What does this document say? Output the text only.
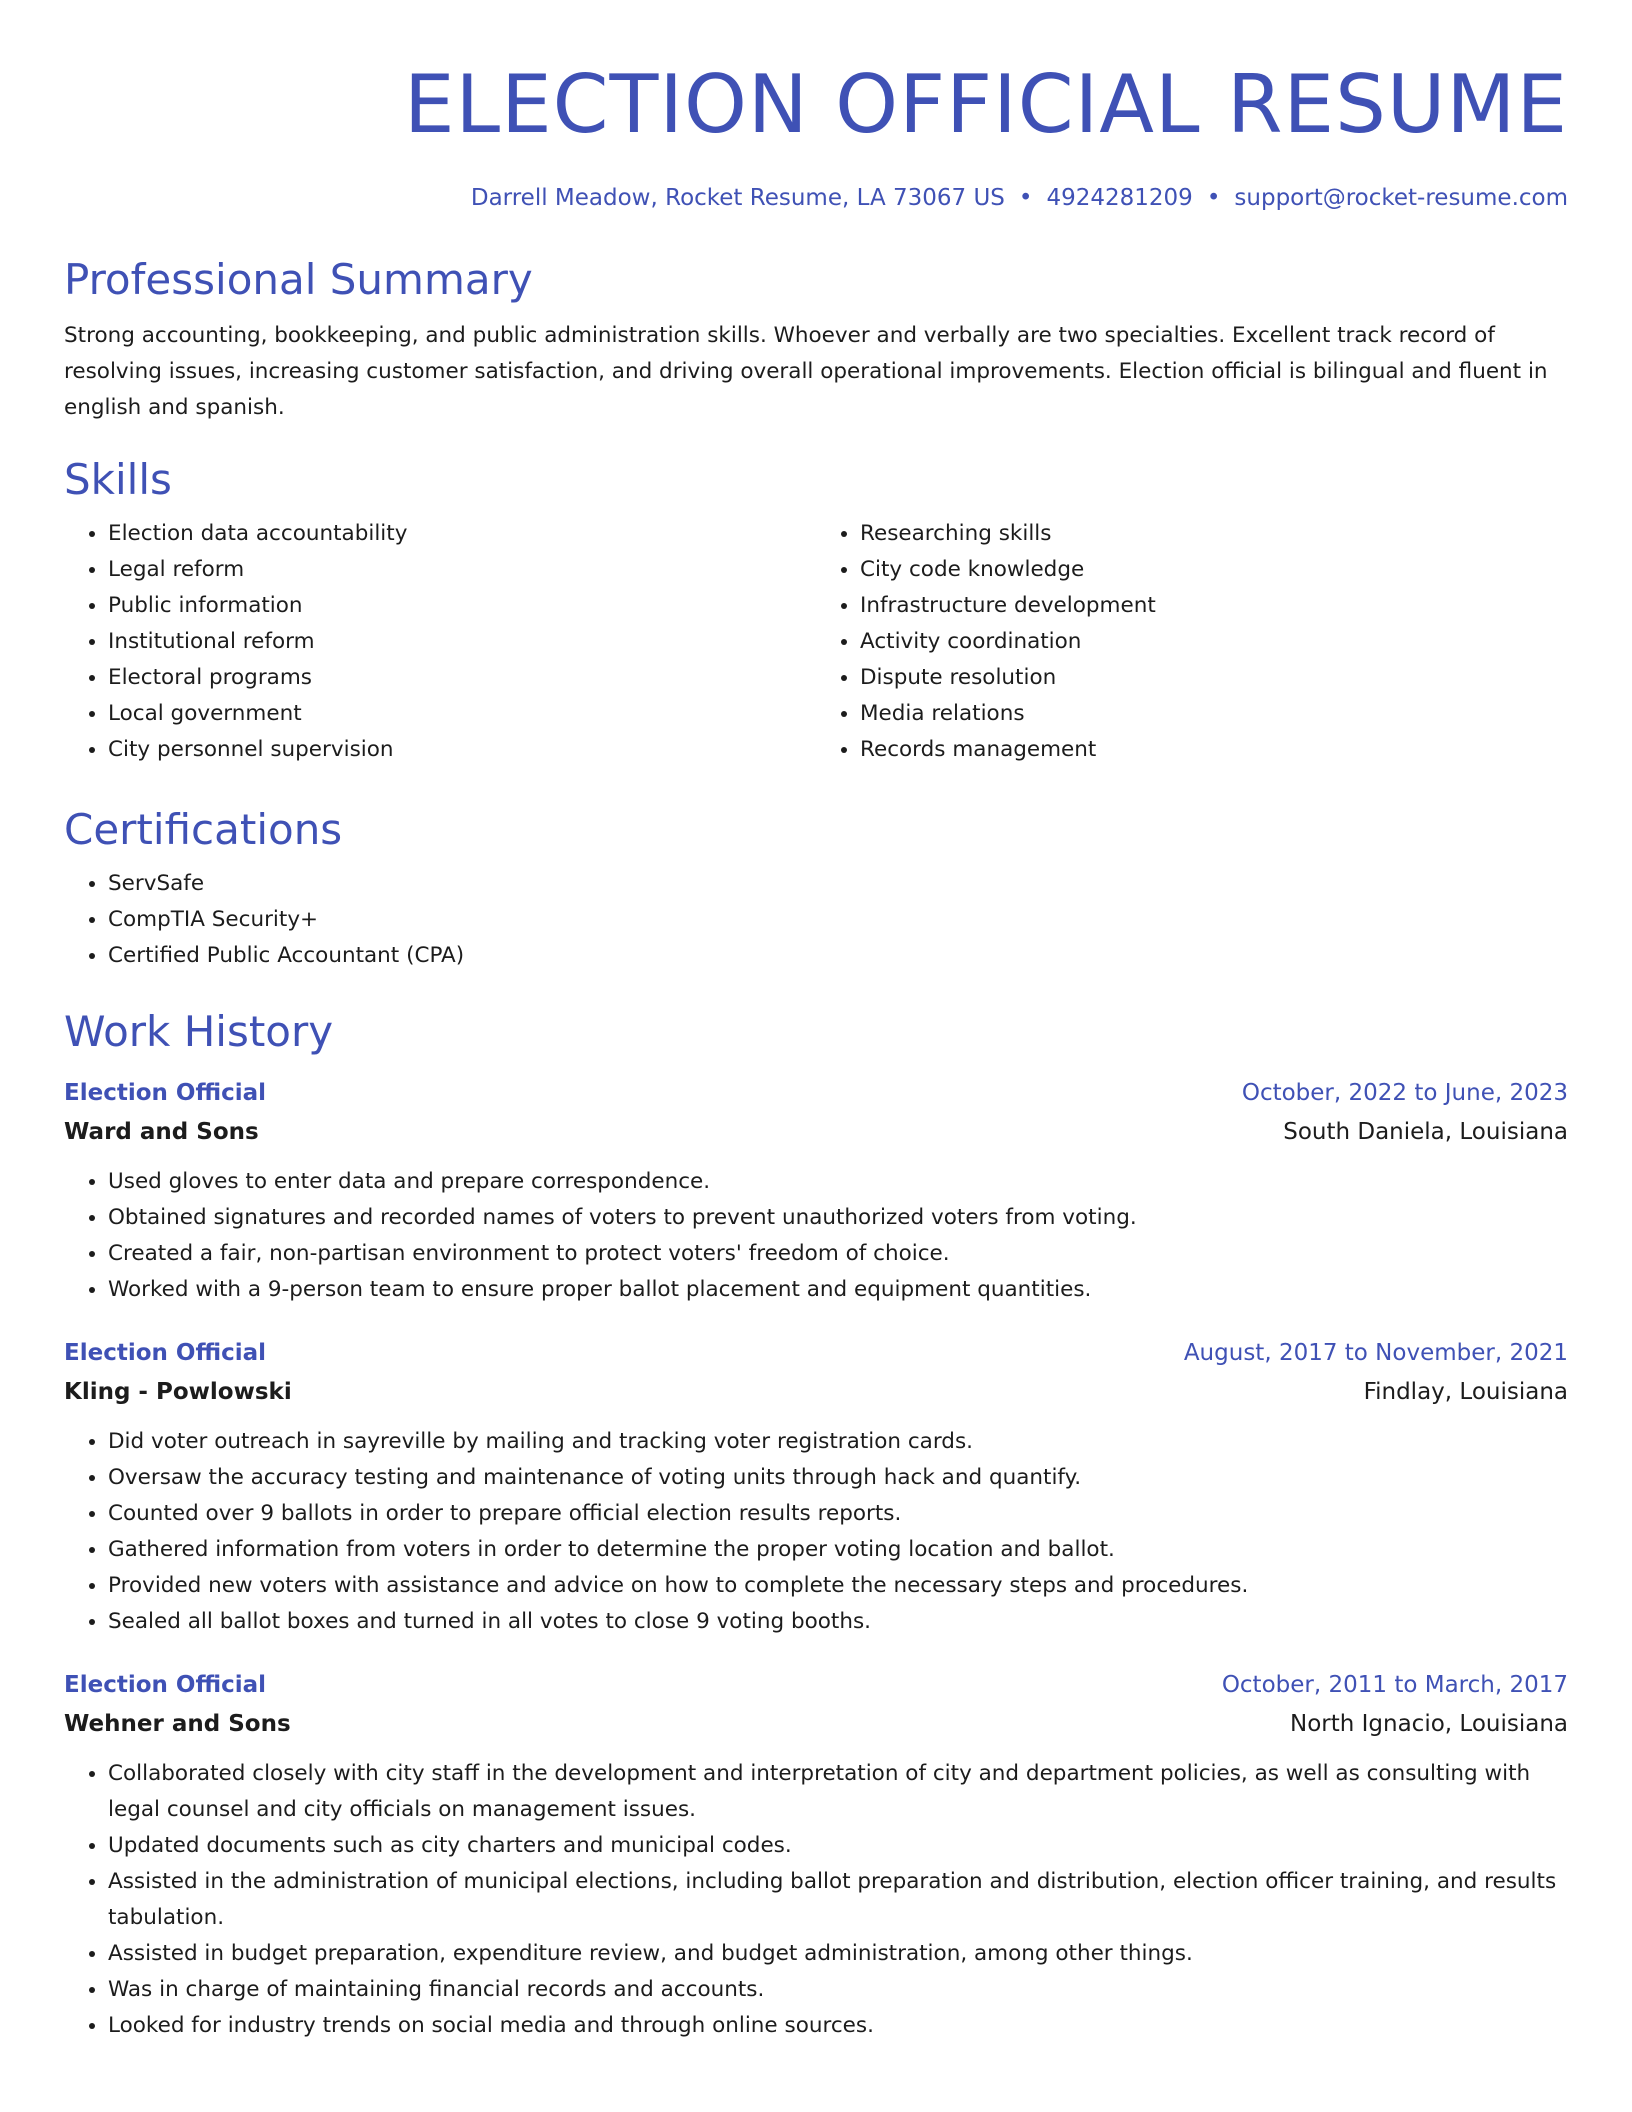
ELECTION OFFICIAL RESUME
Darrell Meadow, Rocket Resume, LA 73067 US • 4924281209 • support@rocket-resume.com
Professional Summary
Strong accounting, bookkeeping, and public administration skills. Whoever and verbally are two specialties. Excellent track record of resolving issues, increasing customer satisfaction, and driving overall operational improvements. Election official is bilingual and fluent in english and spanish.
Skills
• Election data accountability
• Legal reform
• Public information
• Institutional reform
• Electoral programs
• Local government
• City personnel supervision
• Researching skills
• City code knowledge
• Infrastructure development
• Activity coordination
• Dispute resolution
• Media relations
• Records management
Certifications
• ServSafe
• CompTIA Security+
• Certified Public Accountant (CPA)
Work History
Election Official	October, 2022 to June, 2023
Ward and Sons	South Daniela, Louisiana
• Used gloves to enter data and prepare correspondence.
• Obtained signatures and recorded names of voters to prevent unauthorized voters from voting.
• Created a fair, non-partisan environment to protect voters' freedom of choice.
• Worked with a 9-person team to ensure proper ballot placement and equipment quantities.
Election Official	August, 2017 to November, 2021
Kling - Powlowski	Findlay, Louisiana
• Did voter outreach in sayreville by mailing and tracking voter registration cards.
• Oversaw the accuracy testing and maintenance of voting units through hack and quantify.
• Counted over 9 ballots in order to prepare official election results reports.
• Gathered information from voters in order to determine the proper voting location and ballot.
• Provided new voters with assistance and advice on how to complete the necessary steps and procedures.
• Sealed all ballot boxes and turned in all votes to close 9 voting booths.
Election Official	October, 2011 to March, 2017
Wehner and Sons	North Ignacio, Louisiana
• Collaborated closely with city staff in the development and interpretation of city and department policies, as well as consulting with legal counsel and city officials on management issues.
• Updated documents such as city charters and municipal codes.
• Assisted in the administration of municipal elections, including ballot preparation and distribution, election officer training, and results tabulation.
• Assisted in budget preparation, expenditure review, and budget administration, among other things.
• Was in charge of maintaining financial records and accounts.
• Looked for industry trends on social media and through online sources.
